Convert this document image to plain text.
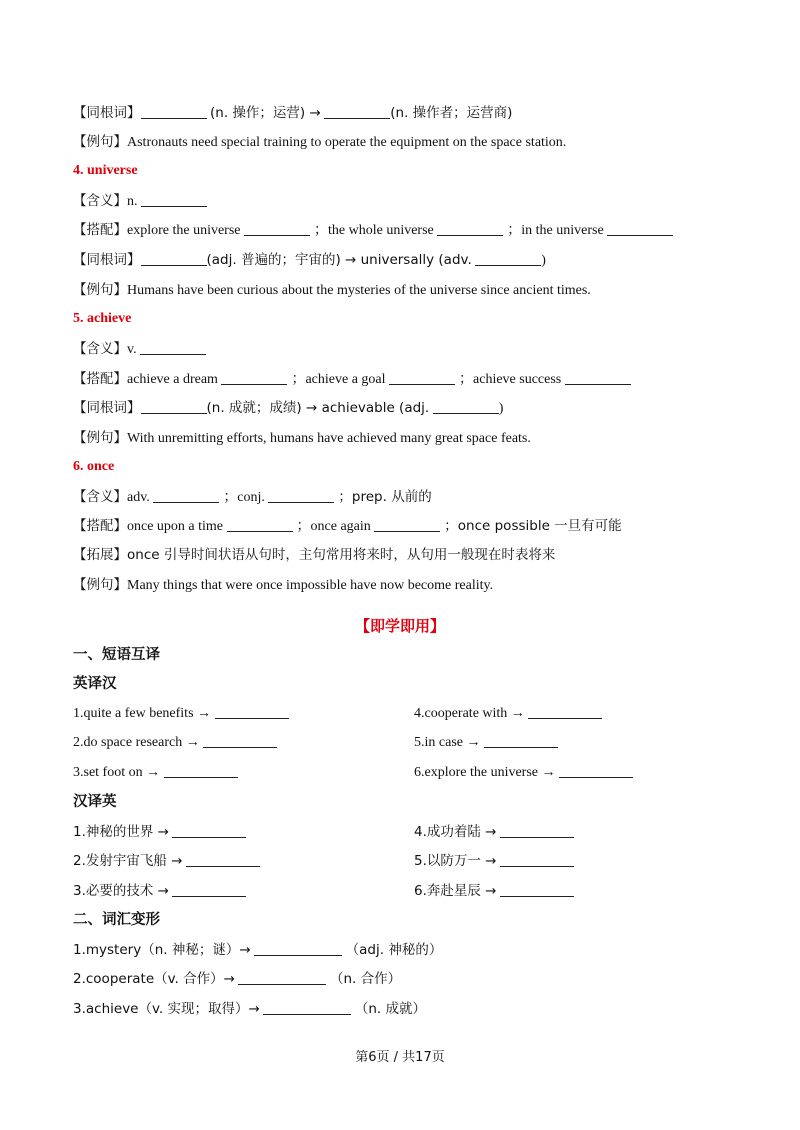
【同根词】	(n. 操作；运营) →	(n. 操作者；运营商)
【例句】Astronauts need special training to operate the equipment on the space station.
4. universe
【含义】n.
【搭配】explore the universe	；the whole universe	；in the universe
【同根词】	(adj. 普遍的；宇宙的) → universally (adv.	)
【例句】Humans have been curious about the mysteries of the universe since ancient times.
5. achieve
【含义】v.
【搭配】achieve a dream	；achieve a goal	；achieve success
【同根词】	(n. 成就；成绩) → achievable (adj.	)
【例句】With unremitting efforts, humans have achieved many great space feats.
6. once
【含义】adv.	；conj.	；prep. 从前的
【搭配】once upon a time	；once again	；once possible 一旦有可能
【拓展】once 引导时间状语从句时，主句常用将来时，从句用一般现在时表将来
【例句】Many things that were once impossible have now become reality.
【即学即用】
一、短语互译
英译汉
1.quite a few benefits →	4.cooperate with →
2.do space research →	5.in case →
3.set foot on →	6.explore the universe →
汉译英
1.神秘的世界 →	4.成功着陆 →
2.发射宇宙飞船 →	5.以防万一 →
3.必要的技术 →	6.奔赴星辰 →
二、词汇变形
1.mystery（n. 神秘；谜）→	（adj. 神秘的）
2.cooperate（v. 合作）→	（n. 合作）
3.achieve（v. 实现；取得）→	（n. 成就）
第6页 / 共17页
